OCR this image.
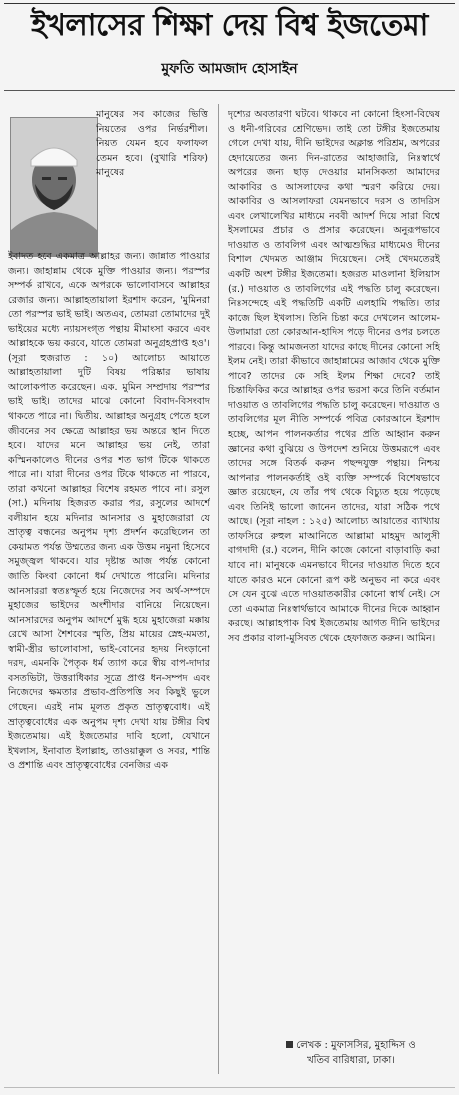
ইখলাসের শিক্ষা দেয় বিশ্ব ইজতেমা
মুফতি আমজাদ হোসাইন

মানুষের সব কাজের ভিত্তি নিয়তের ওপর নির্ভরশীল। নিয়ত যেমন হবে ফলাফল তেমন হবে। (বুখারি শরিফ) মানুষের

ইবাদত হবে একমাত্র আল্লাহর জন্য। জান্নাত পাওয়ার জন্য। জাহান্নাম থেকে মুক্তি পাওয়ার জন্য। পরস্পর সম্পর্ক রাখবে, একে অপরকে ভালোবাসবে আল্লাহর রেজার জন্য। আল্লাহতায়ালা ইরশাদ করেন, 'মুমিনরা তো পরস্পর ভাই ভাই। অতএব, তোমরা তোমাদের দুই ভাইয়ের মধ্যে ন্যায়সংগ্ত পন্থায় মীমাংসা করবে এবং আল্লাহকে ভয় করবে, যাতে তোমরা অনুগ্রহপ্রাপ্ত হও'। (সূরা হুজরাত : ১০) আলোচ্য আয়াতে আল্লাহতায়ালা দুটি বিষয় পরিষ্কার ভাষায় আলোকপাত করেছেন। এক. মুমিন সম্প্রদায় পরস্পর ভাই ভাই। তাদের মাঝে কোনো বিবাদ-বিসংবাদ থাকতে পারে না। দ্বিতীয়. আল্লাহর অনুগ্রহ পেতে হলে জীবনের সব ক্ষেত্রে আল্লাহর ভয় অন্তরে স্থান দিতে হবে। যাদের মনে আল্লাহর ভয় নেই, তারা কস্মিনকালেও দীনের ওপর শত ভাগ টিকে থাকতে পারে না। যারা দীনের ওপর টিকে থাকতে না পারবে, তারা কখনো আল্লাহর বিশেষ রহমত পাবে না। রসুল (সা.) মদিনায় হিজরত করার পর, রসুলের আদর্শে বলীয়ান হয়ে মদিনার আনসার ও মুহাজেরারা যে ভ্রাতৃত্ব বন্ধনের অনুপম দৃশ্য প্রদর্শন করেছিলেন তা কেয়ামত পর্যন্ত উম্মতের জন্য এক উত্তম নমুনা হিসেবে সমুজ্জ্বল থাকবে। যার দৃষ্টান্ত আজ পর্যন্ত কোনো জাতি কিংবা কোনো ধর্ম দেখাতে পারেনি। মদিনার আনসাররা স্বতঃস্ফূর্ত হয়ে নিজেদের সব অর্থ-সম্পদে মুহাজের ভাইদের অংশীদার বানিয়ে নিয়েছেন। আনসারদের অনুপম আদর্শে মুগ্ধ হয়ে মুহাজেরা মক্কায় রেখে আসা শৈশবের স্মৃতি, প্রিয় মায়ের স্নেহ-মমতা, স্বামী-স্ত্রীর ভালোবাসা, ভাই-বোনের হৃদয় নিংড়ানো দরদ, এমনকি পৈতৃক ধর্ম ত্যাগ করে স্বীয় বাপ-দাদার বসতভিটা, উত্তরাধিকার সূত্রে প্রাপ্ত ধন-সম্পদ এবং নিজেদের ক্ষমতার প্রভাব-প্রতিপত্তি সব কিছুই ভুলে গেছেন। এরই নাম মূলত প্রকৃত ভ্রাতৃত্ববোধ। এই ভ্রাতৃত্ববোধের এক অনুপম দৃশ্য দেখা যায় টঙ্গীর বিশ্ব ইজতেমায়। এই ইজতেমার দাবি হলো, যেখানে ইখলাস, ইনাবাত ইলাল্লাহ, তাওয়াক্কুল ও সবর, শান্তি ও প্রশান্তি এবং ভ্রাতৃত্ববোধের বেনজির এক

দৃশ্যের অবতারণা ঘটবে। থাকবে না কোনো হিংসা-বিদ্বেষ ও ধনী-গরিবের শ্রেণিভেদ। তাই তো টঙ্গীর ইজতেমায় গেলে দেখা যায়, দীনি ভাইদের অক্লান্ত পরিশ্রম, অপরের হেদায়েতের জন্য দিন-রাতের আহাজারি, নিঃস্বার্থে অপরের জন্য ছাড় দেওয়ার মানসিকতা আমাদের আকাবির ও আসলাফের কথা স্মরণ করিয়ে দেয়। আকাবির ও আসলাফরা যেমনভাবে দরস ও তাদরিস এবং লেখালেখির মাধ্যমে নববী আদর্শ দিয়ে সারা বিশ্বে ইসলামের প্রচার ও প্রসার করেছেন। অনুরূপভাবে দাওয়াত ও তাবলিগ এবং আত্মশুদ্ধির মাধ্যমেও দীনের বিশাল খেদমত আঞ্জাম দিয়েছেন। সেই খেদমতেরই একটি অংশ টঙ্গীর ইজতেমা। হজরত মাওলানা ইলিয়াস (র.) দাওয়াত ও তাবলিগের এই পদ্ধতি চালু করেছেন। নিঃসন্দেহে এই পদ্ধতিটি একটি এলহামি পদ্ধতি। তার কাজে ছিল ইখলাস। তিনি চিন্তা করে দেখলেন আলেম-উলামারা তো কোরআন-হাদিস পড়ে দীনের ওপর চলতে পারবে। কিন্তু আমজনতা যাদের কাছে দীনের কোনো সহি ইলম নেই। তারা কীভাবে জাহান্নামের আজাব থেকে মুক্তি পাবে? তাদের কে সহি ইলম শিক্ষা দেবে? তাই চিন্তাফিকির করে আল্লাহর ওপর ভরসা করে তিনি বর্তমান দাওয়াত ও তাবলিগের পদ্ধতি চালু করেছেন। দাওয়াত ও তাবলিগের মূল নীতি সম্পর্কে পবিত্র কোরআনে ইরশাদ হচ্ছে, আপন পালনকর্তার পথের প্রতি আহ্বান করুন জ্ঞানের কথা বুঝিয়ে ও উপদেশ শুনিয়ে উত্তমরূপে এবং তাদের সঙ্গে বিতর্ক করুন পছন্দযুক্ত পন্থায়। নিশ্চয় আপনার পালনকর্তাই ওই ব্যক্তি সম্পর্কে বিশেষভাবে জ্ঞাত রয়েছেন, যে তাঁর পথ থেকে বিচ্যুত হয়ে পড়েছে এবং তিনিই ভালো জানেন তাদের, যারা সঠিক পথে আছে। (সূরা নাহল : ১২৫) আলোচ্য আয়াতের ব্যাখ্যায় তাফসিরে রুহুল মাআনিতে আল্লামা মাহমুদ আলুসী বাগদাদী (র.) বলেন, দীনি কাজে কোনো বাড়াবাড়ি করা যাবে না। মানুষকে এমনভাবে দীনের দাওয়াত দিতে হবে যাতে কারও মনে কোনো রূপ কষ্ট অনুভব না করে এবং সে যেন বুঝে এতে দাওয়াতকারীর কোনো স্বার্থ নেই। সে তো একমাত্র নিঃস্বার্থভাবে আমাকে দীনের দিকে আহ্বান করছে। আল্লাহপাক বিশ্ব ইজতেমায় আগত দীনি ভাইদের সব প্রকার বালা-মুসিবত থেকে হেফাজত করুন। আমিন।

লেখক : মুফাসসির, মুহাদ্দিস ও
খতিব বারিধারা, ঢাকা।
